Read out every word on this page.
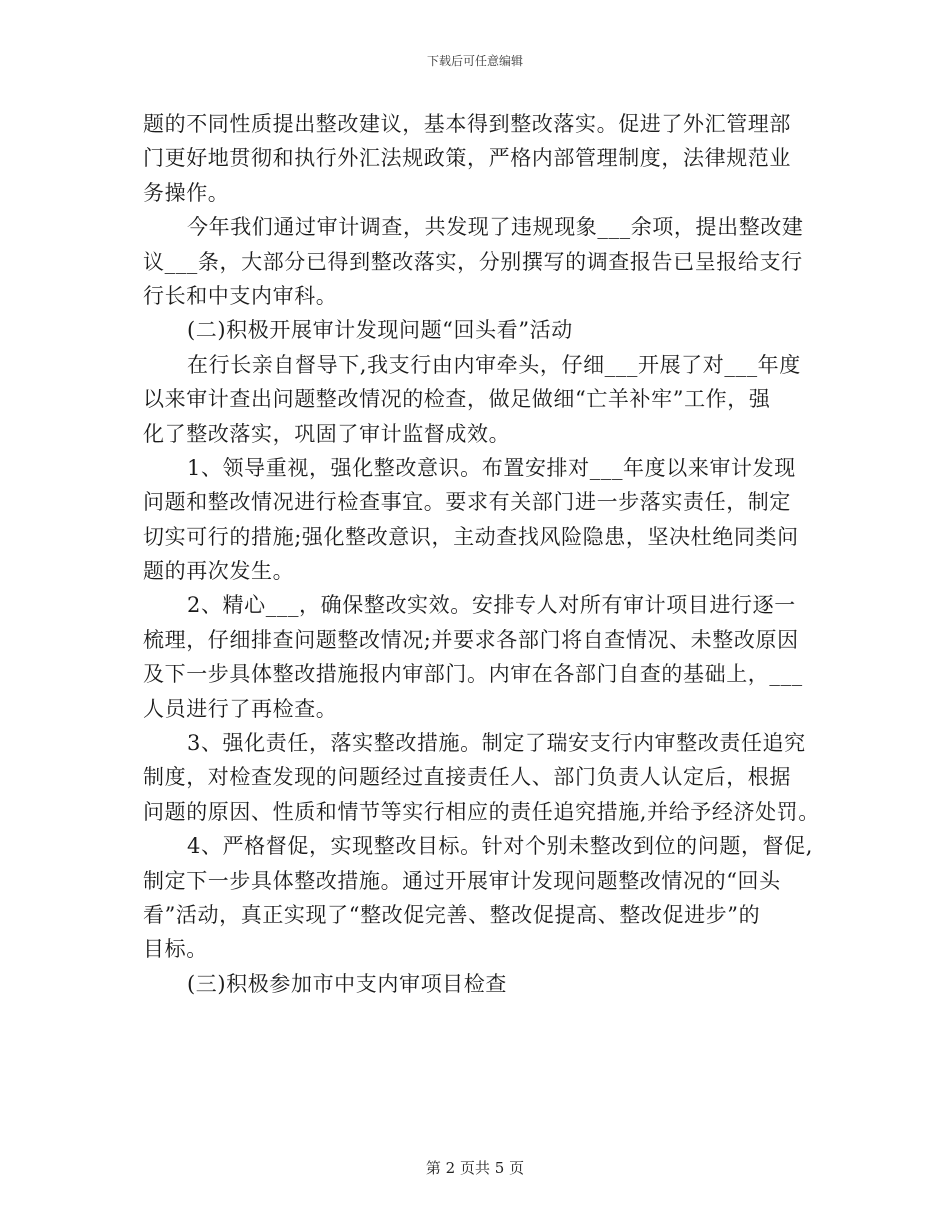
下载后可任意编辑
题的不同性质提出整改建议，基本得到整改落实。促进了外汇管理部
门更好地贯彻和执行外汇法规政策，严格内部管理制度，法律规范业
务操作。
今年我们通过审计调查，共发现了违规现象___余项，提出整改建
议___条，大部分已得到整改落实，分别撰写的调查报告已呈报给支行
行长和中支内审科。
(二)积极开展审计发现问题“回头看”活动
在行长亲自督导下,我支行由内审牵头，仔细___开展了对___年度
以来审计查出问题整改情况的检查，做足做细“亡羊补牢”工作，强
化了整改落实，巩固了审计监督成效。
1、领导重视，强化整改意识。布置安排对___年度以来审计发现
问题和整改情况进行检查事宜。要求有关部门进一步落实责任，制定
切实可行的措施;强化整改意识，主动查找风险隐患，坚决杜绝同类问
题的再次发生。
2、精心___，确保整改实效。安排专人对所有审计项目进行逐一
梳理，仔细排查问题整改情况;并要求各部门将自查情况、未整改原因
及下一步具体整改措施报内审部门。内审在各部门自查的基础上，___
人员进行了再检查。
3、强化责任，落实整改措施。制定了瑞安支行内审整改责任追究
制度，对检查发现的问题经过直接责任人、部门负责人认定后，根据
问题的原因、性质和情节等实行相应的责任追究措施,并给予经济处罚。
4、严格督促，实现整改目标。针对个别未整改到位的问题，督促,
制定下一步具体整改措施。通过开展审计发现问题整改情况的“回头
看”活动，真正实现了“整改促完善、整改促提高、整改促进步”的
目标。
(三)积极参加市中支内审项目检查
第 2 页共 5 页
